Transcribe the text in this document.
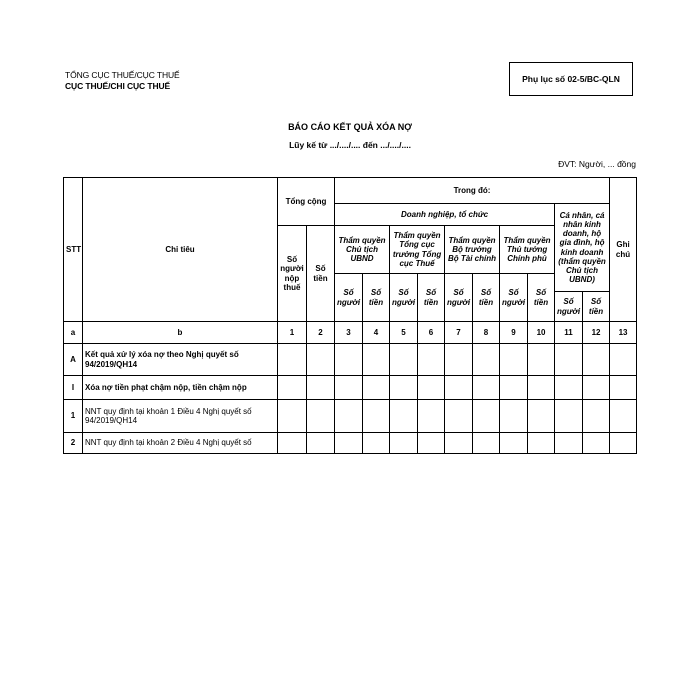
TỔNG CỤC THUẾ/CỤC THUẾ
CỤC THUẾ/CHI CỤC THUẾ
Phụ lục số 02-5/BC-QLN
BÁO CÁO KẾT QUẢ XÓA NỢ
Lũy kế từ .../..../.... đến .../..../....
ĐVT: Người, ... đồng
STT	Chỉ tiêu	Tổng cộng		Trong đó:										Ghi chú
				Doanh nghiệp, tổ chức								Cá nhân, cá nhân kinh doanh, hộ gia đình, hộ kinh doanh (thẩm quyền Chủ tịch UBND)		
		Số người nộp thuế	Số tiền	Thẩm quyền Chủ tịch UBND		Thẩm quyền Tổng cục trưởng Tổng cục Thuế		Thẩm quyền Bộ trưởng Bộ Tài chính		Thẩm quyền Thủ tướng Chính phủ				
				Số người	Số tiền	Số người	Số tiền	Số người	Số tiền	Số người	Số tiền			
												Số người	Số tiền	
a	b	1	2	3	4	5	6	7	8	9	10	11	12	13
A	Kết quả xử lý xóa nợ theo Nghị quyết số 94/2019/QH14													
I	Xóa nợ tiền phạt chậm nộp, tiền chậm nộp													
1	NNT quy định tại khoản 1 Điều 4 Nghị quyết số 94/2019/QH14													
2	NNT quy định tại khoản 2 Điều 4 Nghị quyết số													
